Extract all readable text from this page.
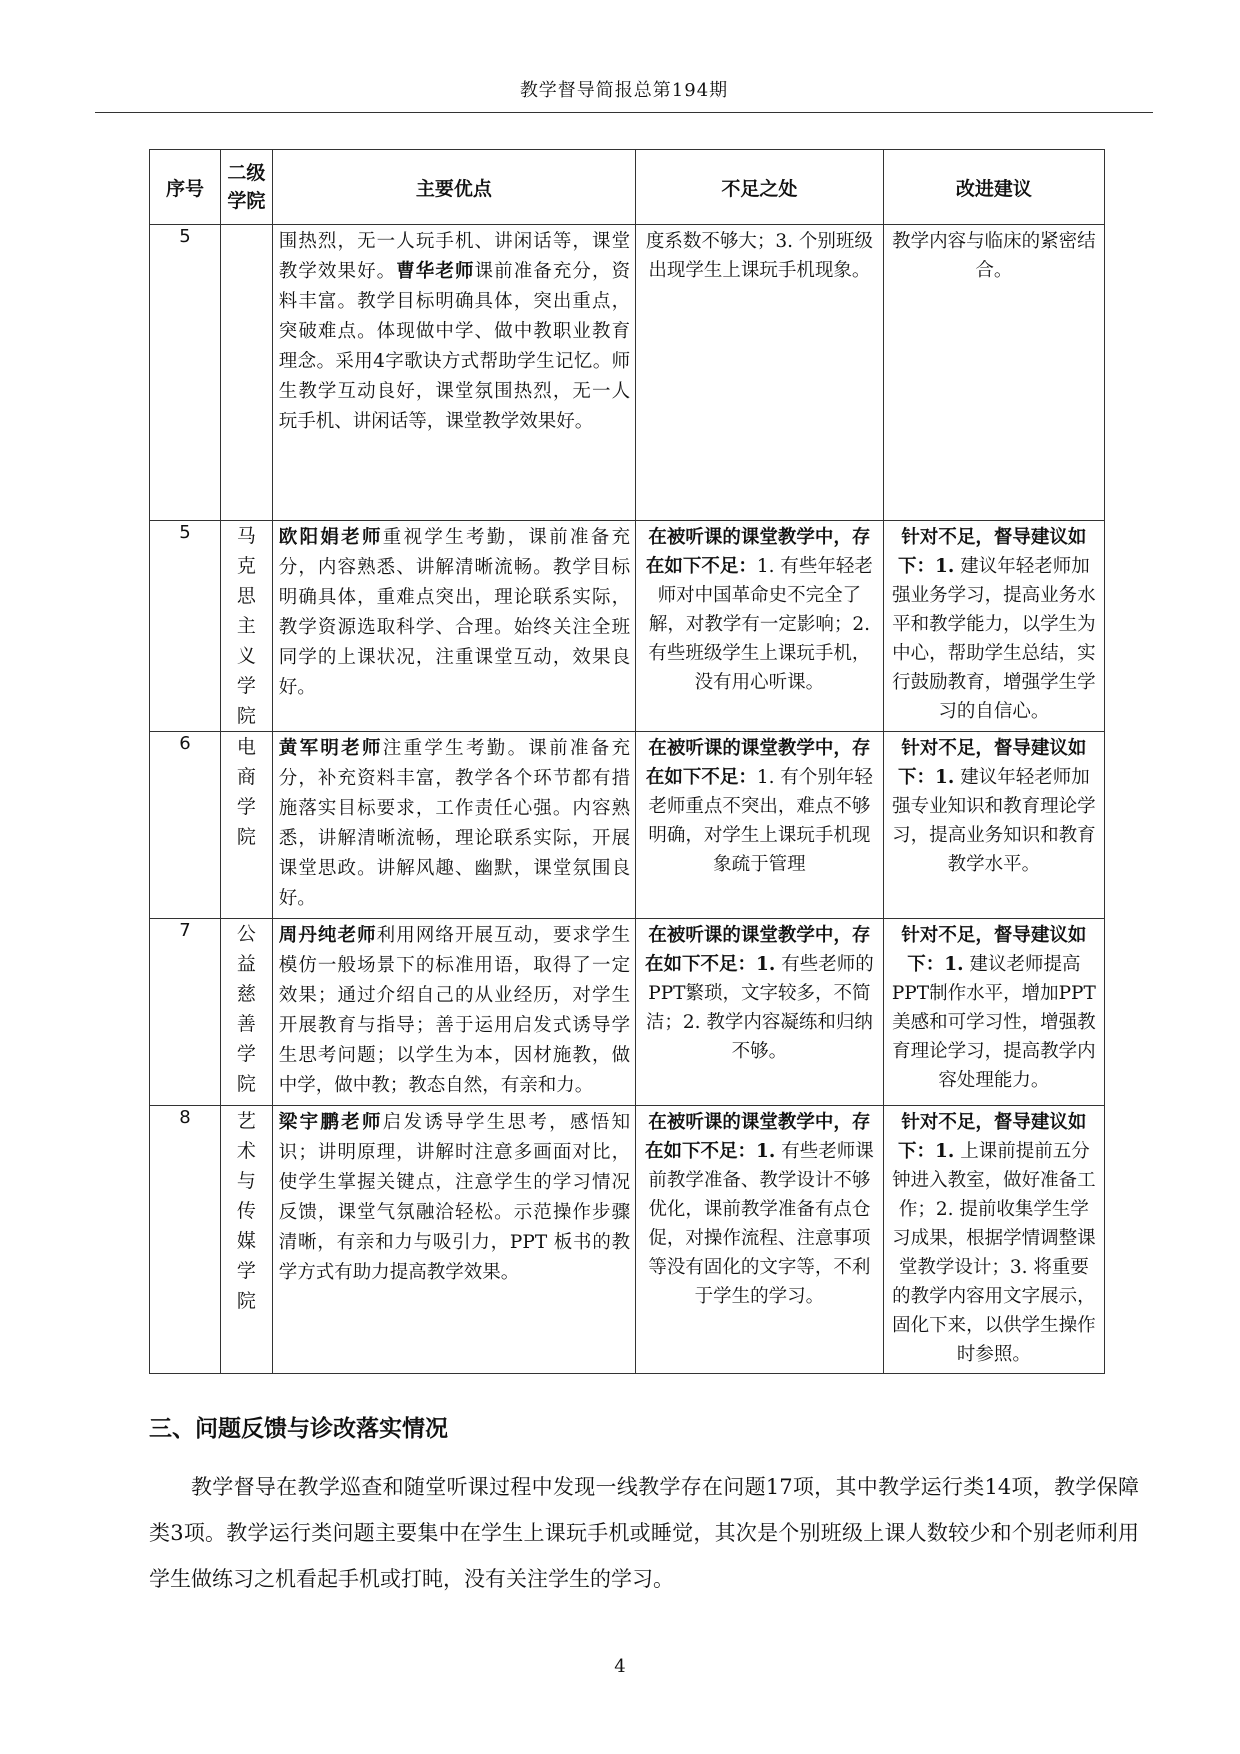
教学督导简报总第194期
序号	二级学院	主要优点	不足之处	改进建议
5		围热烈，无一人玩手机、讲闲话等，课堂教学效果好。曹华老师课前准备充分，资料丰富。教学目标明确具体，突出重点，突破难点。体现做中学、做中教职业教育理念。采用4字歌诀方式帮助学生记忆。师生教学互动良好，课堂氛围热烈，无一人玩手机、讲闲话等，课堂教学效果好。	度系数不够大；3. 个别班级出现学生上课玩手机现象。	教学内容与临床的紧密结合。
5	马克思主义学院	欧阳娟老师重视学生考勤，课前准备充分，内容熟悉、讲解清晰流畅。教学目标明确具体，重难点突出，理论联系实际，教学资源选取科学、合理。始终关注全班同学的上课状况，注重课堂互动，效果良好。	在被听课的课堂教学中，存在如下不足：1. 有些年轻老师对中国革命史不完全了解，对教学有一定影响；2. 有些班级学生上课玩手机，没有用心听课。	针对不足，督导建议如下：1. 建议年轻老师加强业务学习，提高业务水平和教学能力，以学生为中心，帮助学生总结，实行鼓励教育，增强学生学习的自信心。
6	电商学院	黄军明老师注重学生考勤。课前准备充分，补充资料丰富，教学各个环节都有措施落实目标要求，工作责任心强。内容熟悉，讲解清晰流畅，理论联系实际，开展课堂思政。讲解风趣、幽默，课堂氛围良好。	在被听课的课堂教学中，存在如下不足：1. 有个别年轻老师重点不突出，难点不够明确，对学生上课玩手机现象疏于管理	针对不足，督导建议如下：1. 建议年轻老师加强专业知识和教育理论学习，提高业务知识和教育教学水平。
7	公益慈善学院	周丹纯老师利用网络开展互动，要求学生模仿一般场景下的标准用语，取得了一定效果；通过介绍自己的从业经历，对学生开展教育与指导；善于运用启发式诱导学生思考问题；以学生为本，因材施教，做中学，做中教；教态自然，有亲和力。	在被听课的课堂教学中，存在如下不足：1. 有些老师的PPT繁琐，文字较多，不简洁；2. 教学内容凝练和归纳不够。	针对不足，督导建议如下：1. 建议老师提高PPT制作水平，增加PPT美感和可学习性，增强教育理论学习，提高教学内容处理能力。
8	艺术与传媒学院	梁宇鹏老师启发诱导学生思考，感悟知识；讲明原理，讲解时注意多画面对比，使学生掌握关键点，注意学生的学习情况反馈，课堂气氛融洽轻松。示范操作步骤清晰，有亲和力与吸引力，PPT 板书的教学方式有助力提高教学效果。	在被听课的课堂教学中，存在如下不足：1. 有些老师课前教学准备、教学设计不够优化，课前教学准备有点仓促，对操作流程、注意事项等没有固化的文字等，不利于学生的学习。	针对不足，督导建议如下：1. 上课前提前五分钟进入教室，做好准备工作；2. 提前收集学生学习成果，根据学情调整课堂教学设计；3. 将重要的教学内容用文字展示，固化下来，以供学生操作时参照。
三、问题反馈与诊改落实情况
教学督导在教学巡查和随堂听课过程中发现一线教学存在问题17项，其中教学运行类14项，教学保障类3项。教学运行类问题主要集中在学生上课玩手机或睡觉，其次是个别班级上课人数较少和个别老师利用学生做练习之机看起手机或打盹，没有关注学生的学习。
4
